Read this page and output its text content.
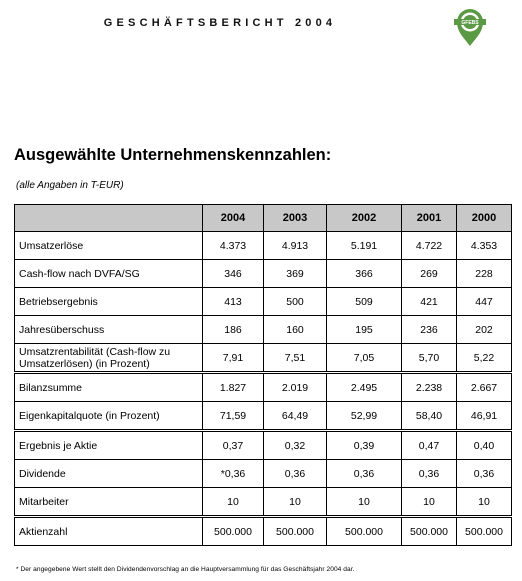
GESCHÄFTSBERICHT 2004	GFEBS
Ausgewählte Unternehmenskennzahlen:
(alle Angaben in T-EUR)
	2004	2003	2002	2001	2000
Umsatzerlöse	4.373	4.913	5.191	4.722	4.353
Cash-flow nach DVFA/SG	346	369	366	269	228
Betriebsergebnis	413	500	509	421	447
Jahresüberschuss	186	160	195	236	202
Umsatzrentabilität (Cash-flow zu Umsatzerlösen) (in Prozent)	7,91	7,51	7,05	5,70	5,22
Bilanzsumme	1.827	2.019	2.495	2.238	2.667
Eigenkapitalquote (in Prozent)	71,59	64,49	52,99	58,40	46,91
Ergebnis je Aktie	0,37	0,32	0,39	0,47	0,40
Dividende	*0,36	0,36	0,36	0,36	0,36
Mitarbeiter	10	10	10	10	10
Aktienzahl	500.000	500.000	500.000	500.000	500.000
* Der angegebene Wert stellt den Dividendenvorschlag an die Hauptversammlung für das Geschäftsjahr 2004 dar.
